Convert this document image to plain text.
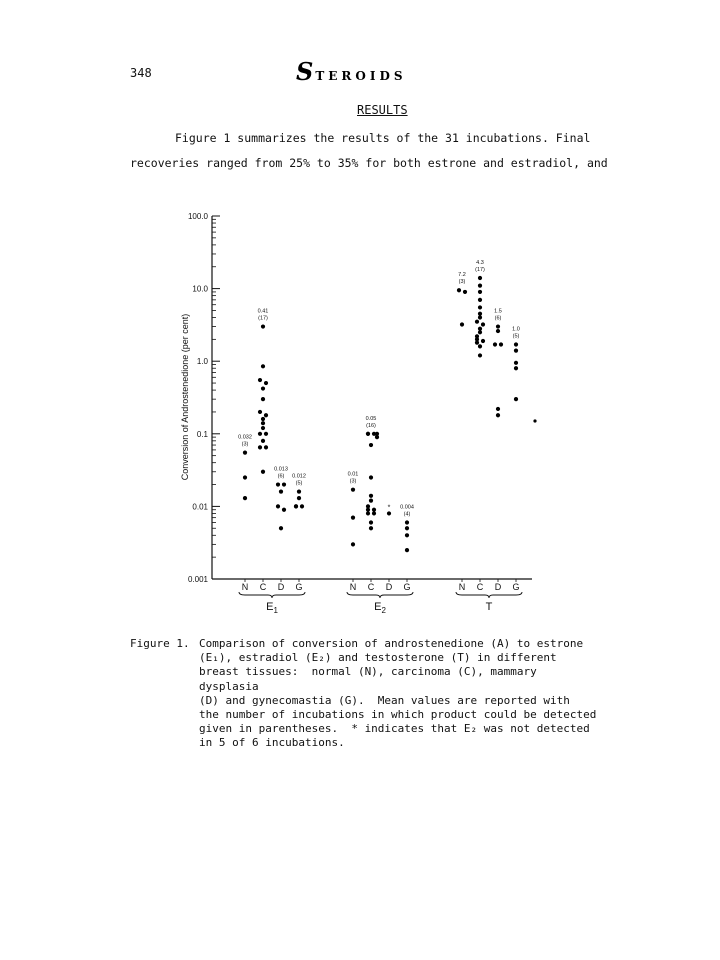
348	STEROIDS
RESULTS
Figure 1 summarizes the results of the 31 incubations. Final
recoveries ranged from 25% to 35% for both estrone and estradiol, and
100.0
10.0
1.0
0.1
0.01
0.001
Conversion of Androstenedione (per cent)
N
0.032
(3)
C
0.41
(17)
D
0.013
(6)
G
0.012
(5)
$E_1$
N
0.01
(3)
C
0.05
(16)
D
*
G
0.004
(4)
$E_2$
N
7.2
(3)
C
4.3
(17)
D
1.5
(6)
G
1.0
(5)
T
Figure 1. Comparison of conversion of androstenedione (A) to estrone
(E₁), estradiol (E₂) and testosterone (T) in different
breast tissues:  normal (N), carcinoma (C), mammary dysplasia
(D) and gynecomastia (G).  Mean values are reported with
the number of incubations in which product could be detected
given in parentheses.  * indicates that E₂ was not detected
in 5 of 6 incubations.
